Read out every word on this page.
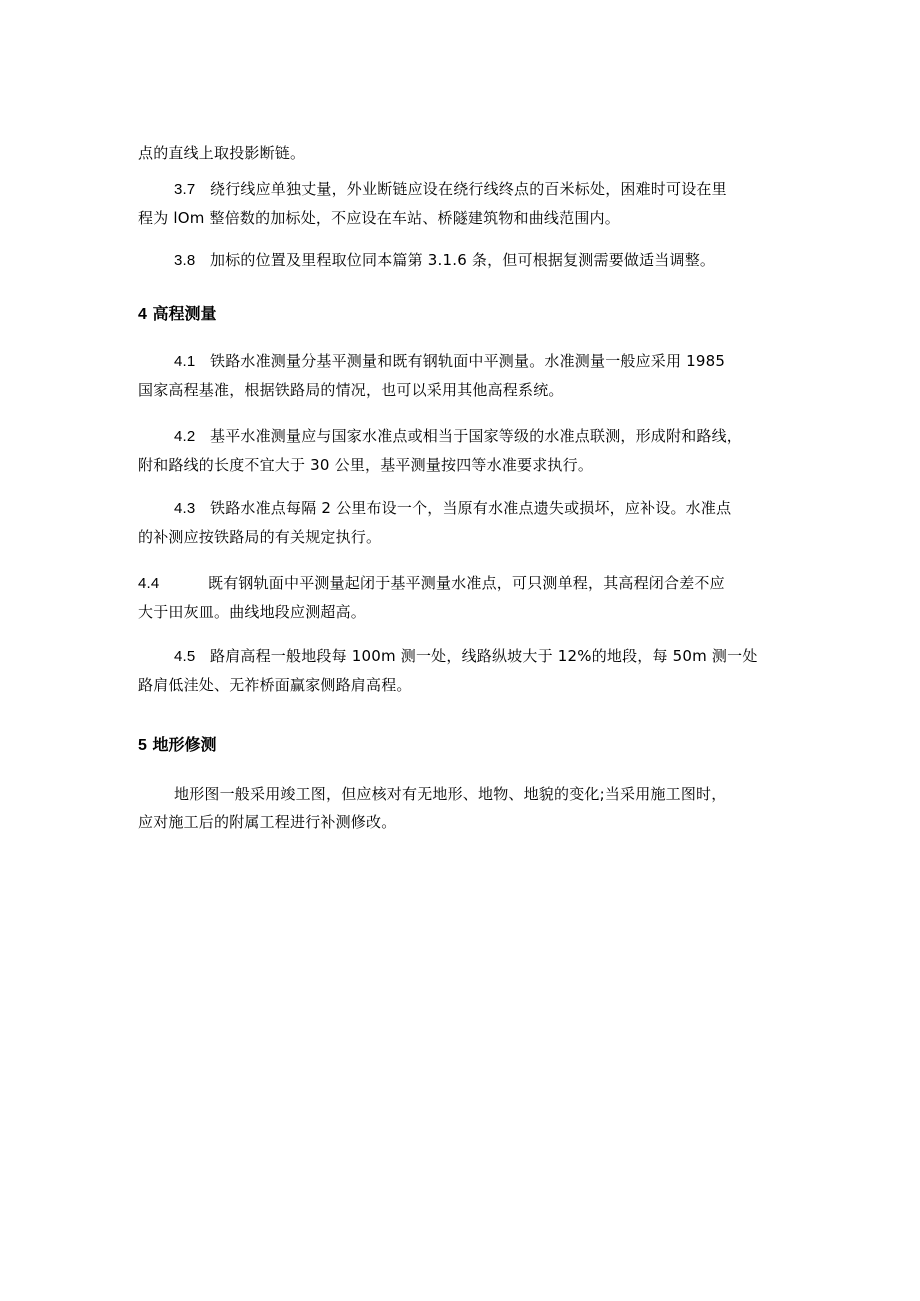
点的直线上取投影断链。

3.7 绕行线应单独丈量，外业断链应设在绕行线终点的百米标处，困难时可设在里

程为 lOm 整倍数的加标处，不应设在车站、桥隧建筑物和曲线范围内。

3.8 加标的位置及里程取位同本篇第 3.1.6 条，但可根据复测需要做适当调整。

4 高程测量

4.1 铁路水准测量分基平测量和既有钢轨面中平测量。水准测量一般应采用 1985

国家高程基准，根据铁路局的情况，也可以采用其他高程系统。

4.2 基平水准测量应与国家水准点或相当于国家等级的水准点联测，形成附和路线，

附和路线的长度不宜大于 30 公里，基平测量按四等水准要求执行。

4.3 铁路水准点每隔 2 公里布设一个，当原有水准点遗失或损坏，应补设。水准点

的补测应按铁路局的有关规定执行。

4.4	既有钢轨面中平测量起闭于基平测量水准点，可只测单程，其高程闭合差不应

大于田灰皿。曲线地段应测超高。

4.5 路肩高程一般地段每 100m 测一处，线路纵坡大于 12%的地段，每 50m 测一处

路肩低洼处、无祚桥面赢家侧路肩高程。

5 地形修测

地形图一般采用竣工图，但应核对有无地形、地物、地貌的变化;当采用施工图时，

应对施工后的附属工程进行补测修改。
